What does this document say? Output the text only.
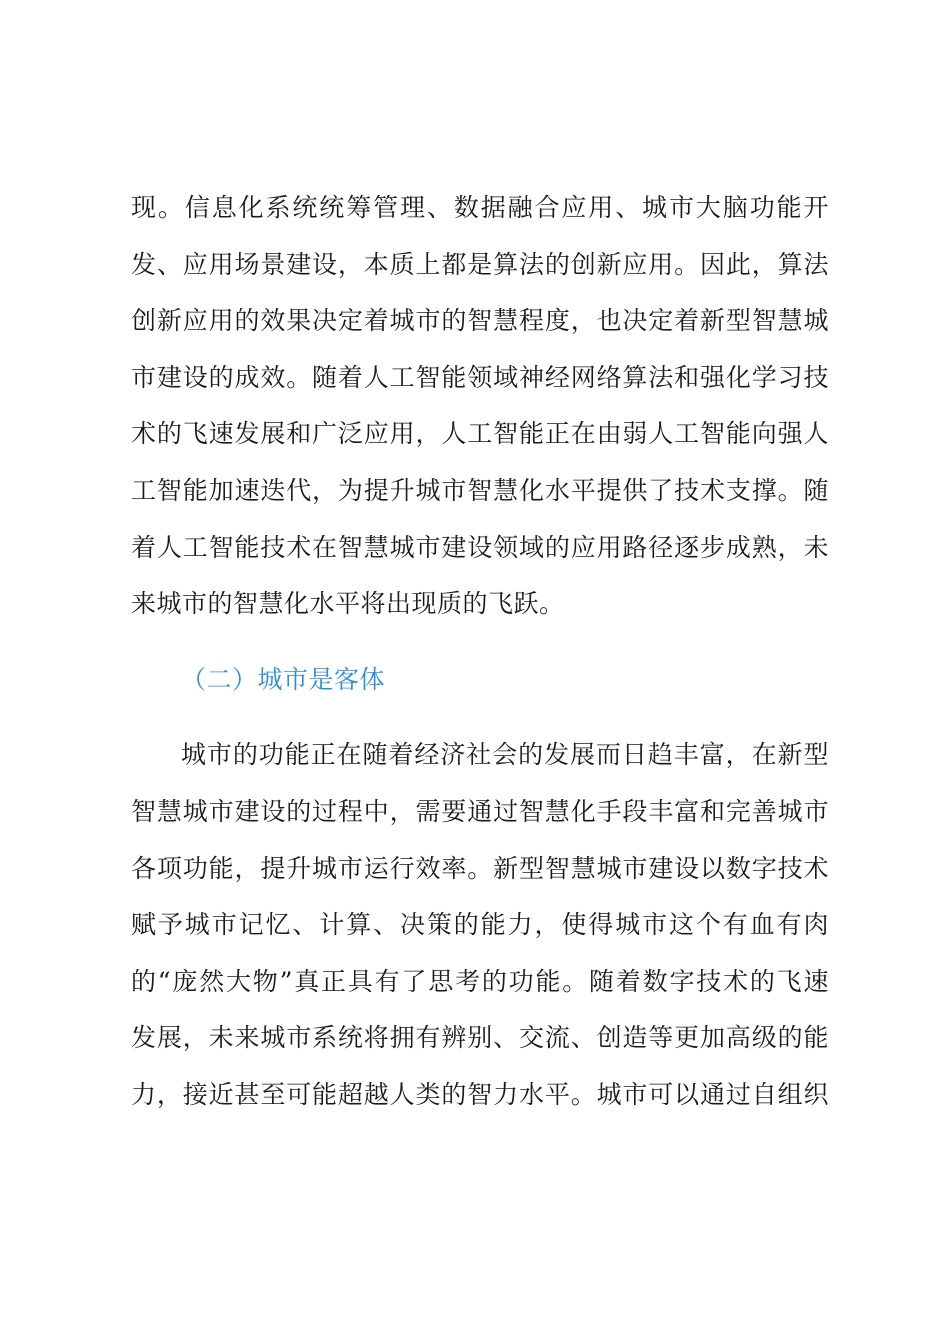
现。信息化系统统筹管理、数据融合应用、城市大脑功能开
发、应用场景建设，本质上都是算法的创新应用。因此，算法
创新应用的效果决定着城市的智慧程度，也决定着新型智慧城
市建设的成效。随着人工智能领域神经网络算法和强化学习技
术的飞速发展和广泛应用，人工智能正在由弱人工智能向强人
工智能加速迭代，为提升城市智慧化水平提供了技术支撑。随
着人工智能技术在智慧城市建设领域的应用路径逐步成熟，未
来城市的智慧化水平将出现质的飞跃。
（二）城市是客体
城市的功能正在随着经济社会的发展而日趋丰富，在新型
智慧城市建设的过程中，需要通过智慧化手段丰富和完善城市
各项功能，提升城市运行效率。新型智慧城市建设以数字技术
赋予城市记忆、计算、决策的能力，使得城市这个有血有肉
的“庞然大物”真正具有了思考的功能。随着数字技术的飞速
发展，未来城市系统将拥有辨别、交流、创造等更加高级的能
力，接近甚至可能超越人类的智力水平。城市可以通过自组织
